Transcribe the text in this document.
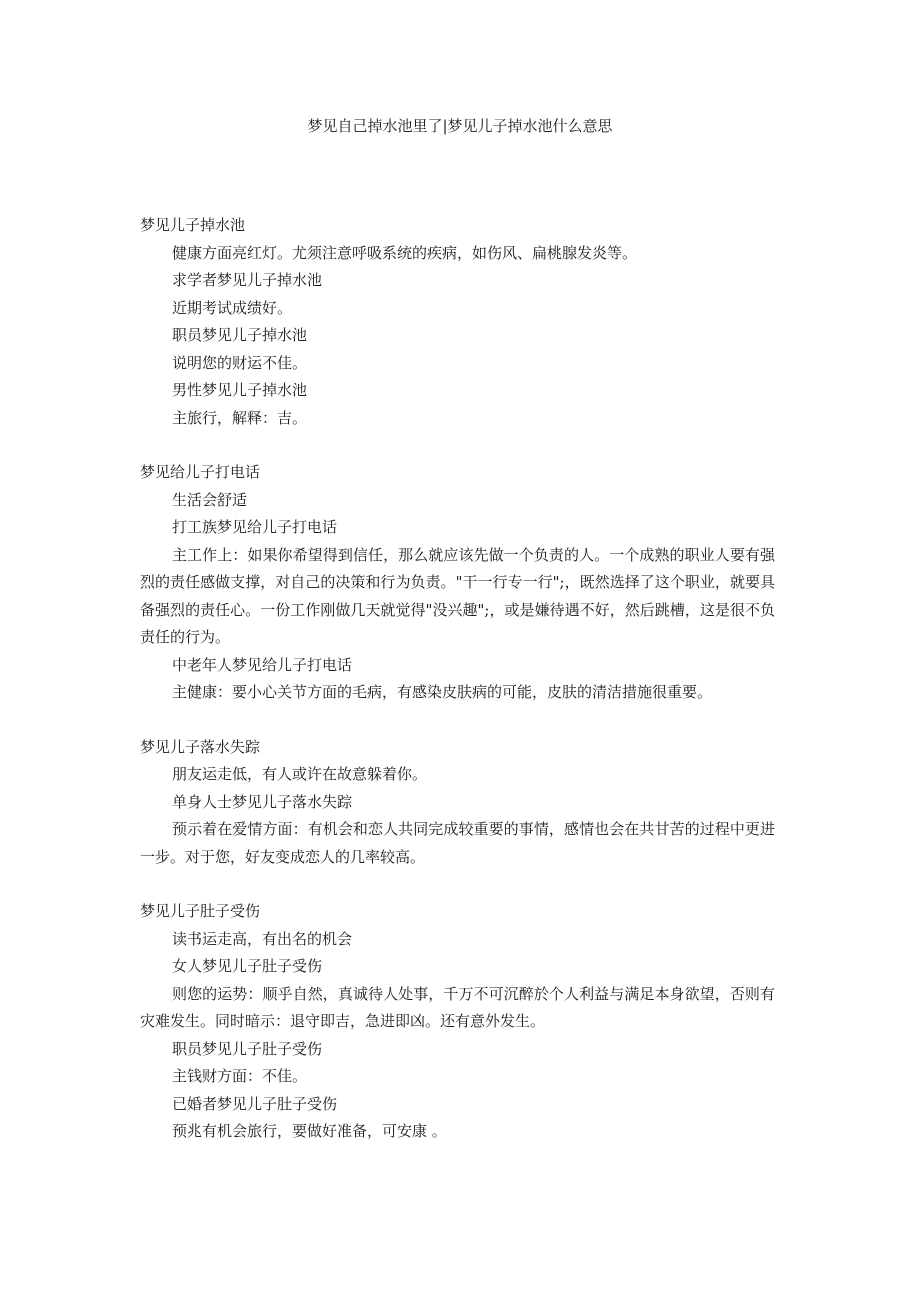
梦见自己掉水池里了|梦见儿子掉水池什么意思

梦见儿子掉水池

健康方面亮红灯。尤须注意呼吸系统的疾病，如伤风、扁桃腺发炎等。

求学者梦见儿子掉水池

近期考试成绩好。

职员梦见儿子掉水池

说明您的财运不佳。

男性梦见儿子掉水池

主旅行，解释：吉。

梦见给儿子打电话

生活会舒适

打工族梦见给儿子打电话

主工作上：如果你希望得到信任，那么就应该先做一个负责的人。一个成熟的职业人要有强烈的责任感做支撑，对自己的决策和行为负责。"干一行专一行";，既然选择了这个职业，就要具备强烈的责任心。一份工作刚做几天就觉得"没兴趣";，或是嫌待遇不好，然后跳槽，这是很不负责任的行为。

中老年人梦见给儿子打电话

主健康：要小心关节方面的毛病，有感染皮肤病的可能，皮肤的清洁措施很重要。

梦见儿子落水失踪

朋友运走低，有人或许在故意躲着你。

单身人士梦见儿子落水失踪

预示着在爱情方面：有机会和恋人共同完成较重要的事情，感情也会在共甘苦的过程中更进一步。对于您，好友变成恋人的几率较高。

梦见儿子肚子受伤

读书运走高，有出名的机会

女人梦见儿子肚子受伤

则您的运势：顺乎自然，真诚待人处事，千万不可沉醉於个人利益与满足本身欲望，否则有灾难发生。同时暗示：退守即吉，急进即凶。还有意外发生。

职员梦见儿子肚子受伤

主钱财方面：不佳。

已婚者梦见儿子肚子受伤

预兆有机会旅行，要做好准备，可安康 。
